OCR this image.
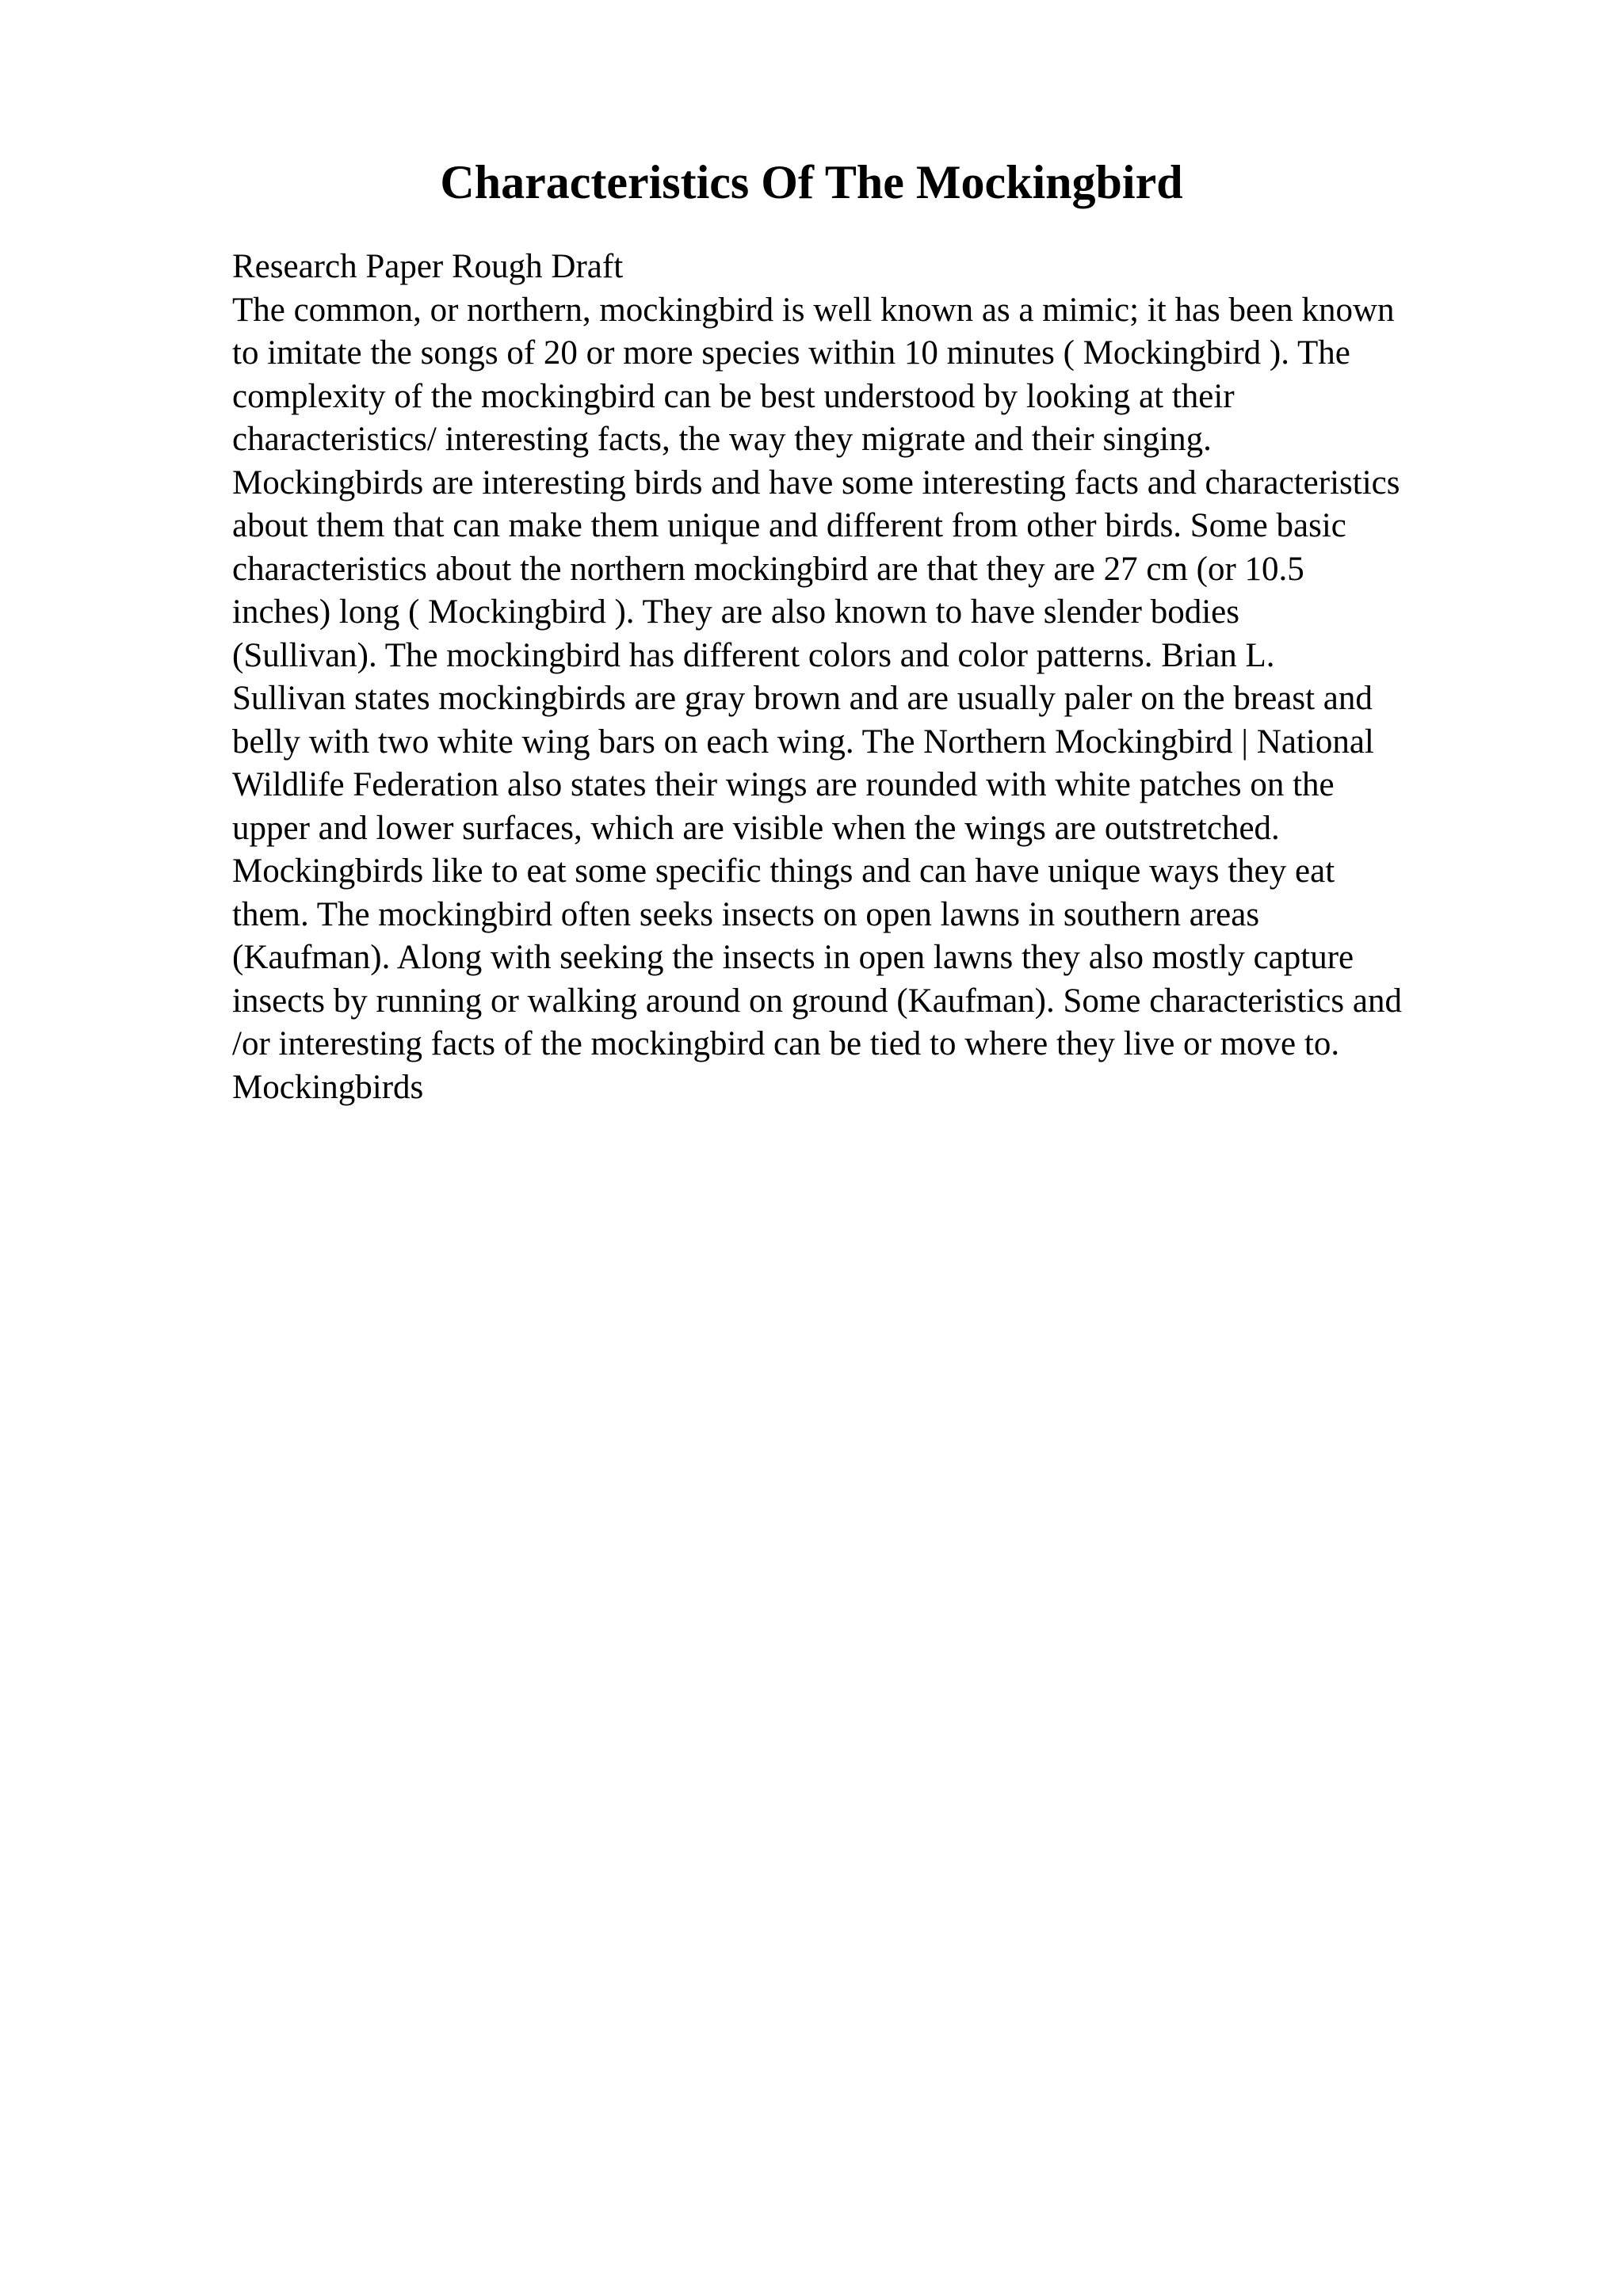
Characteristics Of The Mockingbird
Research Paper Rough Draft
The common, or northern, mockingbird is well known as a mimic; it has been known
to imitate the songs of 20 or more species within 10 minutes ( Mockingbird ). The
complexity of the mockingbird can be best understood by looking at their
characteristics/ interesting facts, the way they migrate and their singing.
Mockingbirds are interesting birds and have some interesting facts and characteristics
about them that can make them unique and different from other birds. Some basic
characteristics about the northern mockingbird are that they are 27 cm (or 10.5
inches) long ( Mockingbird ). They are also known to have slender bodies
(Sullivan). The mockingbird has different colors and color patterns. Brian L.
Sullivan states mockingbirds are gray brown and are usually paler on the breast and
belly with two white wing bars on each wing. The Northern Mockingbird | National
Wildlife Federation also states their wings are rounded with white patches on the
upper and lower surfaces, which are visible when the wings are outstretched.
Mockingbirds like to eat some specific things and can have unique ways they eat
them. The mockingbird often seeks insects on open lawns in southern areas
(Kaufman). Along with seeking the insects in open lawns they also mostly capture
insects by running or walking around on ground (Kaufman). Some characteristics and
/or interesting facts of the mockingbird can be tied to where they live or move to.
Mockingbirds
